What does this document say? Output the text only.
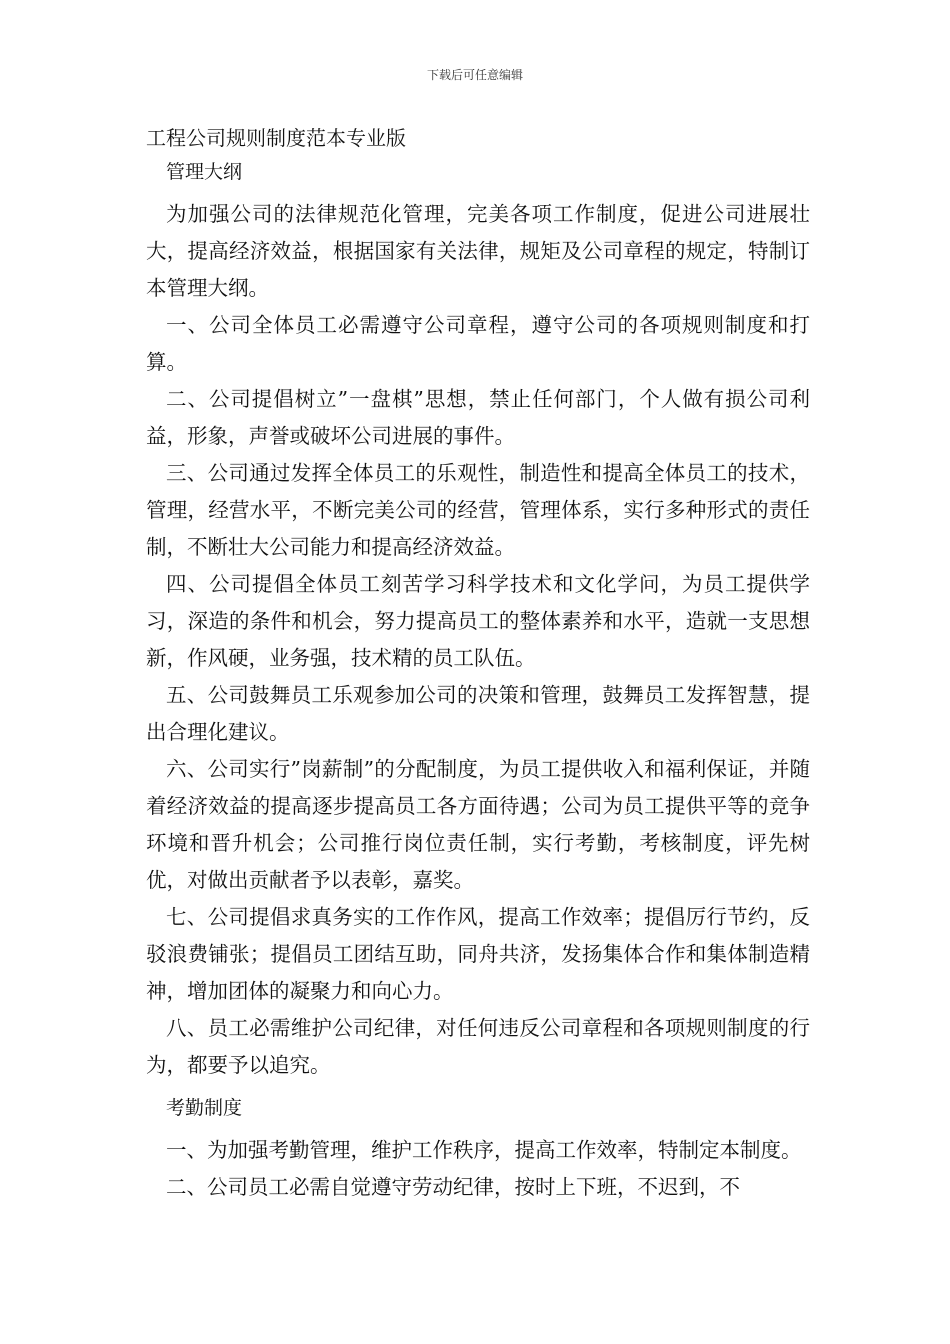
下载后可任意编辑
工程公司规则制度范本专业版
管理大纲

为加强公司的法律规范化管理，完美各项工作制度，促进公司进展壮大，提高经济效益，根据国家有关法律，规矩及公司章程的规定，特制订本管理大纲。

一、公司全体员工必需遵守公司章程，遵守公司的各项规则制度和打算。

二、公司提倡树立”一盘棋”思想，禁止任何部门，个人做有损公司利益，形象，声誉或破坏公司进展的事件。

三、公司通过发挥全体员工的乐观性，制造性和提高全体员工的技术，管理，经营水平，不断完美公司的经营，管理体系，实行多种形式的责任制，不断壮大公司能力和提高经济效益。

四、公司提倡全体员工刻苦学习科学技术和文化学问，为员工提供学习，深造的条件和机会，努力提高员工的整体素养和水平，造就一支思想新，作风硬，业务强，技术精的员工队伍。

五、公司鼓舞员工乐观参加公司的决策和管理，鼓舞员工发挥智慧，提出合理化建议。

六、公司实行”岗薪制”的分配制度，为员工提供收入和福利保证，并随着经济效益的提高逐步提高员工各方面待遇；公司为员工提供平等的竞争环境和晋升机会；公司推行岗位责任制，实行考勤，考核制度，评先树优，对做出贡献者予以表彰，嘉奖。

七、公司提倡求真务实的工作作风，提高工作效率；提倡厉行节约，反驳浪费铺张；提倡员工团结互助，同舟共济，发扬集体合作和集体制造精神，增加团体的凝聚力和向心力。

八、员工必需维护公司纪律，对任何违反公司章程和各项规则制度的行为，都要予以追究。

考勤制度

一、为加强考勤管理，维护工作秩序，提高工作效率，特制定本制度。

二、公司员工必需自觉遵守劳动纪律，按时上下班，不迟到，不
